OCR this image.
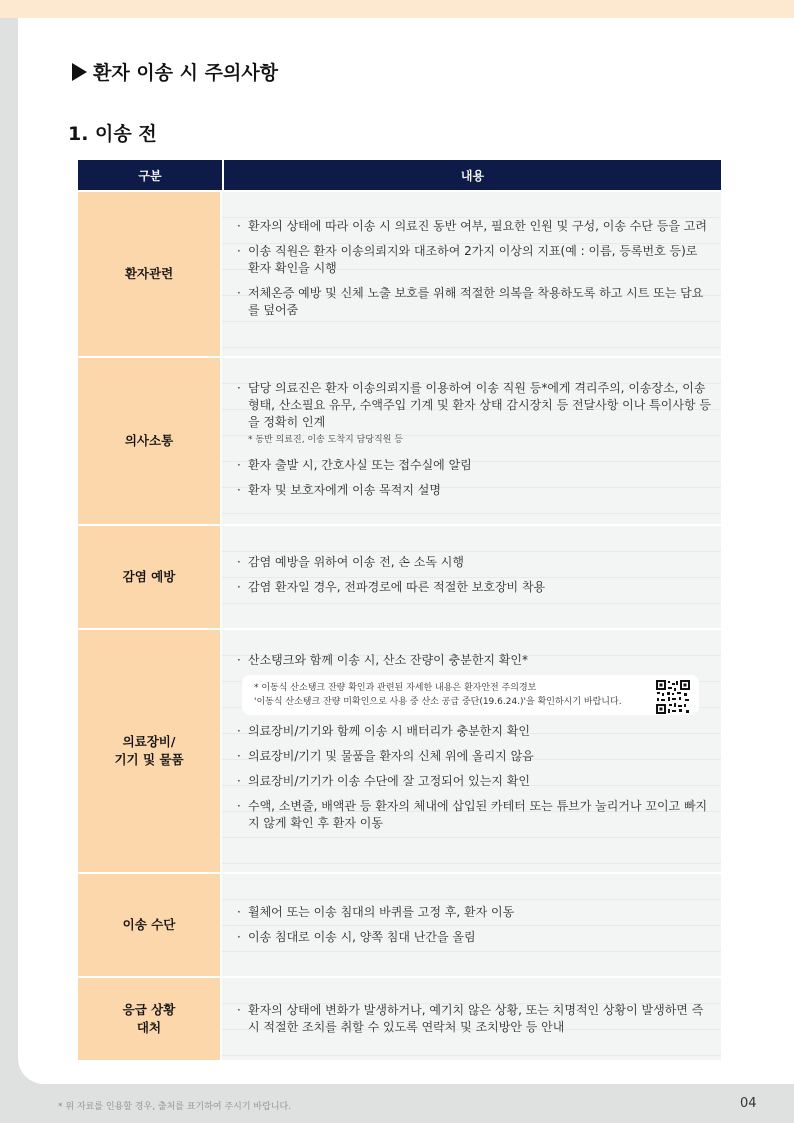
환자 이송 시 주의사항
1. 이송 전
구분	내용
환자관련
· 환자의 상태에 따라 이송 시 의료진 동반 여부, 필요한 인원 및 구성, 이송 수단 등을 고려
· 이송 직원은 환자 이송의뢰지와 대조하여 2가지 이상의 지표(예 : 이름, 등록번호 등)로 환자 확인을 시행
· 저체온증 예방 및 신체 노출 보호를 위해 적절한 의복을 착용하도록 하고 시트 또는 담요를 덮어줌
의사소통
· 담당 의료진은 환자 이송의뢰지를 이용하여 이송 직원 등*에게 격리주의, 이송장소, 이송형태, 산소필요 유무, 수액주입 기계 및 환자 상태 감시장치 등 전달사항 이나 특이사항 등을 정확히 인계
* 동반 의료진, 이송 도착지 담당직원 등
· 환자 출발 시, 간호사실 또는 접수실에 알림
· 환자 및 보호자에게 이송 목적지 설명
감염 예방
· 감염 예방을 위하여 이송 전, 손 소독 시행
· 감염 환자일 경우, 전파경로에 따른 적절한 보호장비 착용
의료장비/
기기 및 물품
· 산소탱크와 함께 이송 시, 산소 잔량이 충분한지 확인*
* 이동식 산소탱크 잔량 확인과 관련된 자세한 내용은 환자안전 주의경보
'이동식 산소탱크 잔량 미확인으로 사용 중 산소 공급 중단(19.6.24.)'을 확인하시기 바랍니다.
· 의료장비/기기와 함께 이송 시 배터리가 충분한지 확인
· 의료장비/기기 및 물품을 환자의 신체 위에 올리지 않음
· 의료장비/기기가 이송 수단에 잘 고정되어 있는지 확인
· 수액, 소변줄, 배액관 등 환자의 체내에 삽입된 카테터 또는 튜브가 눌리거나 꼬이고 빠지지 않게 확인 후 환자 이동
이송 수단
· 휠체어 또는 이송 침대의 바퀴를 고정 후, 환자 이동
· 이송 침대로 이송 시, 양쪽 침대 난간을 올림
응급 상황
대처
· 환자의 상태에 변화가 발생하거나, 예기치 않은 상황, 또는 치명적인 상황이 발생하면 즉시 적절한 조치를 취할 수 있도록 연락처 및 조치방안 등 안내
* 위 자료를 인용할 경우, 출처를 표기하여 주시기 바랍니다.	04
